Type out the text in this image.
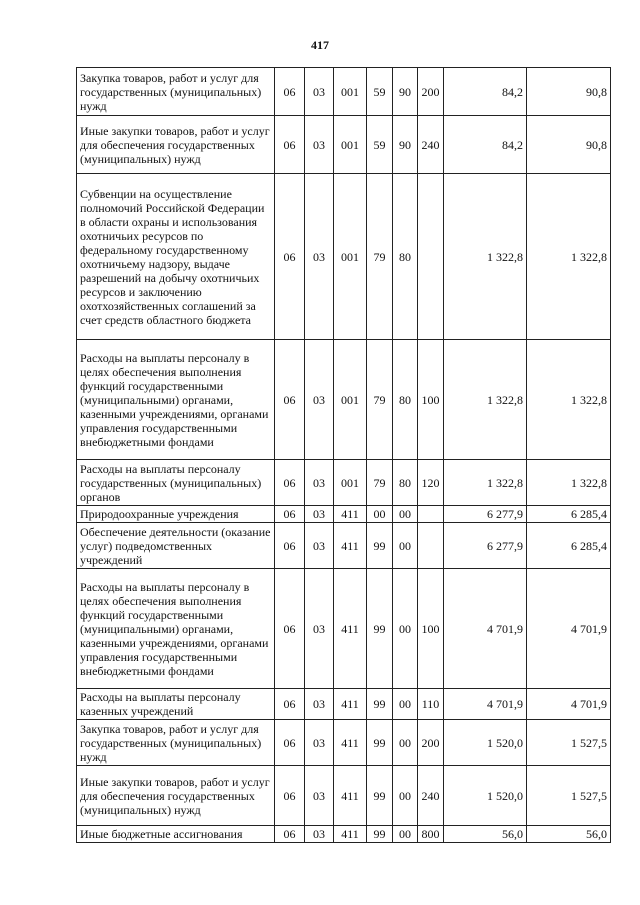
417
Закупка товаров, работ и услуг для государственных (муниципальных) нужд	06	03	001	59	90	200	84,2	90,8
Иные закупки товаров, работ и услуг для обеспечения государственных (муниципальных) нужд	06	03	001	59	90	240	84,2	90,8
Субвенции на осуществление полномочий Российской Федерации в области охраны и использования охотничьих ресурсов по федеральному государственному охотничьему надзору, выдаче разрешений на добычу охотничьих ресурсов и заключению охотхозяйственных соглашений за счет средств областного бюджета	06	03	001	79	80		1 322,8	1 322,8
Расходы на выплаты персоналу в целях обеспечения выполнения функций государственными (муниципальными) органами, казенными учреждениями, органами управления государственными внебюджетными фондами	06	03	001	79	80	100	1 322,8	1 322,8
Расходы на выплаты персоналу государственных (муниципальных) органов	06	03	001	79	80	120	1 322,8	1 322,8
Природоохранные учреждения	06	03	411	00	00		6 277,9	6 285,4
Обеспечение деятельности (оказание услуг) подведомственных учреждений	06	03	411	99	00		6 277,9	6 285,4
Расходы на выплаты персоналу в целях обеспечения выполнения функций государственными (муниципальными) органами, казенными учреждениями, органами управления государственными внебюджетными фондами	06	03	411	99	00	100	4 701,9	4 701,9
Расходы на выплаты персоналу казенных учреждений	06	03	411	99	00	110	4 701,9	4 701,9
Закупка товаров, работ и услуг для государственных (муниципальных) нужд	06	03	411	99	00	200	1 520,0	1 527,5
Иные закупки товаров, работ и услуг для обеспечения государственных (муниципальных) нужд	06	03	411	99	00	240	1 520,0	1 527,5
Иные бюджетные ассигнования	06	03	411	99	00	800	56,0	56,0
